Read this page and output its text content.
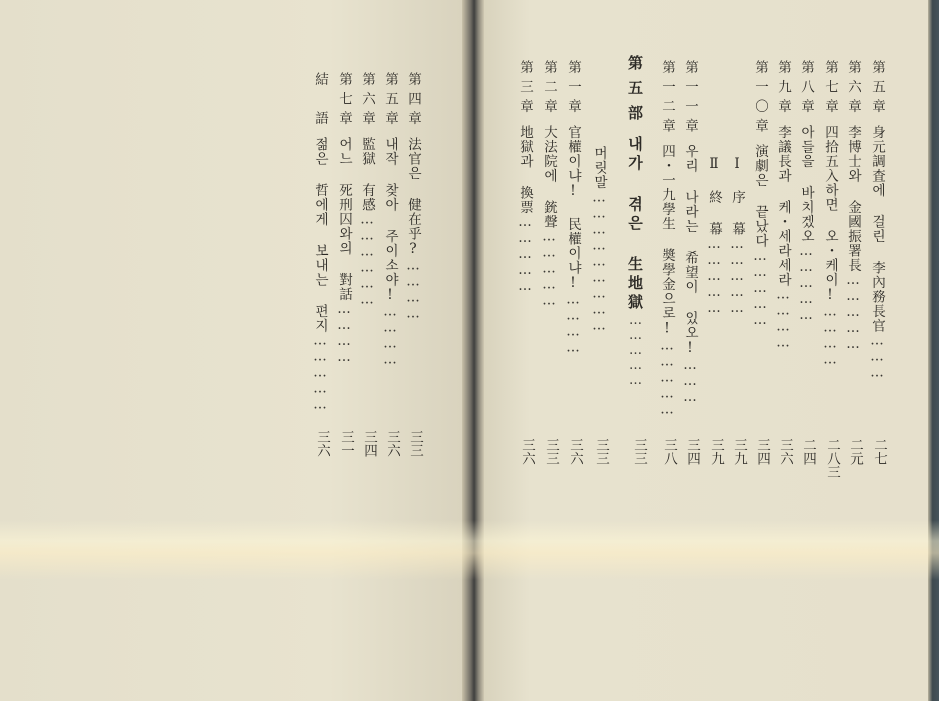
第五章身元調査에 걸린 李內務長官………
第六章李博士와 金國振署長……………
第七章四拾五入하면 오・케이!…………
第八章아들을 바치겠오……………
第九章李議長과 케・세라세라…………
第一〇章演劇은 끝났다……………
Ⅰ 序 幕……………
Ⅱ 終 幕……………
第一一章우리 나라는 希望이 있오!………
第一二章四・一九學生 奬學金으로!……………
第五部내가 겪은 生地獄……………
머릿말………………………
第一章官權이냐! 民權이냐!…………
第二章大法院에 銃聲……………
第三章地獄과 換票……………
二七
二元
二八三
二四
三六
三四
三九
三九
三四
三八
三三
三三
三六
三三
三六
第四章法官은 健在乎?…………
第五章내작 찾아 주이소야!…………
第六章監獄 有感………………
第七章어느 死刑囚와의 對話…………
結　語젊은 哲에게 보내는 편지……………
三三
三六
三四
三一
三六
